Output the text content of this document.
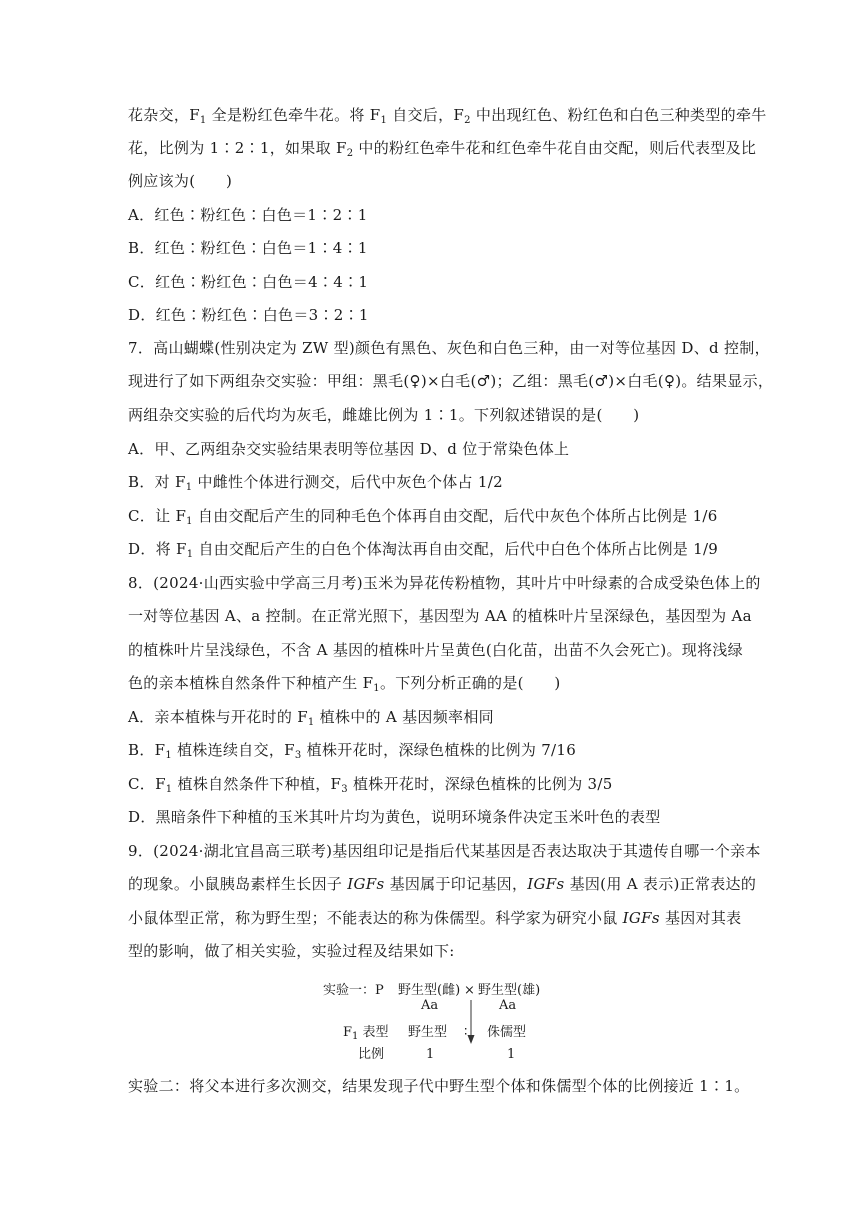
花杂交，$F_1$ 全是粉红色牵牛花。将 $F_1$ 自交后，$F_2$ 中出现红色、粉红色和白色三种类型的牵牛
花，比例为 1∶2∶1，如果取 $F_2$ 中的粉红色牵牛花和红色牵牛花自由交配，则后代表型及比
例应该为(　　)
A．红色∶粉红色∶白色＝1∶2∶1
B．红色∶粉红色∶白色＝1∶4∶1
C．红色∶粉红色∶白色＝4∶4∶1
D．红色∶粉红色∶白色＝3∶2∶1
7．高山蝴蝶(性别决定为 ZW 型)颜色有黑色、灰色和白色三种，由一对等位基因 D、d 控制，
现进行了如下两组杂交实验：甲组：黑毛(♀)×白毛(♂)；乙组：黑毛(♂)×白毛(♀)。结果显示，
两组杂交实验的后代均为灰毛，雌雄比例为 1∶1。下列叙述错误的是(　　)
A．甲、乙两组杂交实验结果表明等位基因 D、d 位于常染色体上
B．对 $F_1$ 中雌性个体进行测交，后代中灰色个体占 1/2
C．让 $F_1$ 自由交配后产生的同种毛色个体再自由交配，后代中灰色个体所占比例是 1/6
D．将 $F_1$ 自由交配后产生的白色个体淘汰再自由交配，后代中白色个体所占比例是 1/9
8．(2024·山西实验中学高三月考)玉米为异花传粉植物，其叶片中叶绿素的合成受染色体上的
一对等位基因 A、a 控制。在正常光照下，基因型为 AA 的植株叶片呈深绿色，基因型为 Aa
的植株叶片呈浅绿色，不含 A 基因的植株叶片呈黄色(白化苗，出苗不久会死亡)。现将浅绿
色的亲本植株自然条件下种植产生 $F_1$。下列分析正确的是(　　)
A．亲本植株与开花时的 $F_1$ 植株中的 A 基因频率相同
B．$F_1$ 植株连续自交，$F_3$ 植株开花时，深绿色植株的比例为 7/16
C．$F_1$ 植株自然条件下种植，$F_3$ 植株开花时，深绿色植株的比例为 3/5
D．黑暗条件下种植的玉米其叶片均为黄色，说明环境条件决定玉米叶色的表型
9．(2024·湖北宜昌高三联考)基因组印记是指后代某基因是否表达取决于其遗传自哪一个亲本
的现象。小鼠胰岛素样生长因子 IGFs 基因属于印记基因，IGFs 基因(用 A 表示)正常表达的
小鼠体型正常，称为野生型；不能表达的称为侏儒型。科学家为研究小鼠 IGFs 基因对其表
型的影响，做了相关实验，实验过程及结果如下:
实验一：P 野生型(雌) × 野生型(雄)
Aa	Aa
$F_1$ 表型 野生型 ∶ 侏儒型
比例	1	1
实验二：将父本进行多次测交，结果发现子代中野生型个体和侏儒型个体的比例接近 1∶1。
